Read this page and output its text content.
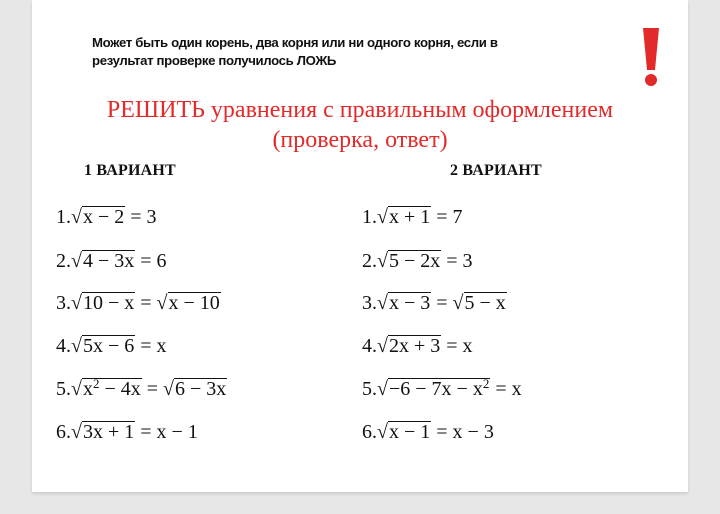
Может быть один корень, два корня или ни одного корня, если в
результат проверке получилось ЛОЖЬ
РЕШИТЬ уравнения с правильным оформлением
(проверка, ответ)
1 ВАРИАНТ	2 ВАРИАНТ
1.√x − 2 = 3
2.√4 − 3x = 6
3.√10 − x = √x − 10
4.√5x − 6 = x
$5.√x^2 - 4x = √6 - 3x$
6.√3x + 1 = x − 1
1.√x + 1 = 7
2.√5 − 2x = 3
3.√x − 3 = √5 − x
4.√2x + 3 = x
$5.√-6 - 7x - x^2 = x$
6.√x − 1 = x − 3
